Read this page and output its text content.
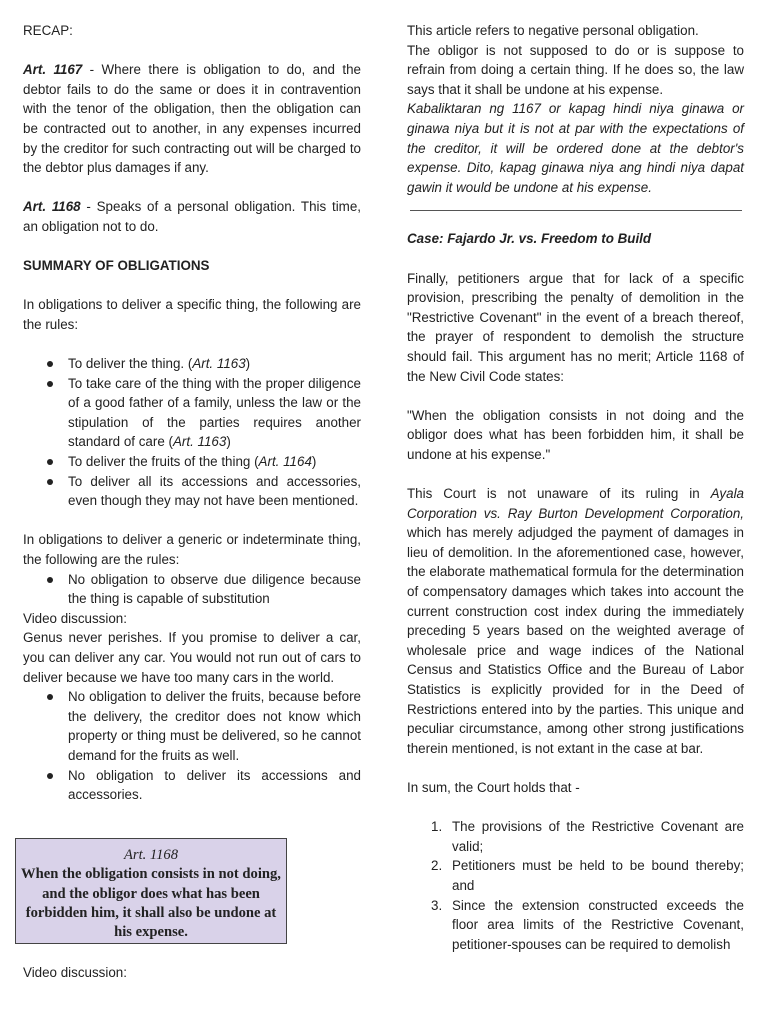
RECAP:

Art. 1167 - Where there is obligation to do, and the debtor fails to do the same or does it in contravention with the tenor of the obligation, then the obligation can be contracted out to another, in any expenses incurred by the creditor for such contracting out will be charged to the debtor plus damages if any.

Art. 1168 - Speaks of a personal obligation. This time, an obligation not to do.

SUMMARY OF OBLIGATIONS

In obligations to deliver a specific thing, the following are the rules:

To deliver the thing. (Art. 1163)
To take care of the thing with the proper diligence of a good father of a family, unless the law or the stipulation of the parties requires another standard of care (Art. 1163)
To deliver the fruits of the thing (Art. 1164)
To deliver all its accessions and accessories, even though they may not have been mentioned.

In obligations to deliver a generic or indeterminate thing, the following are the rules:

No obligation to observe due diligence because the thing is capable of substitution

Video discussion:

Genus never perishes. If you promise to deliver a car, you can deliver any car. You would not run out of cars to deliver because we have too many cars in the world.

No obligation to deliver the fruits, because before the delivery, the creditor does not know which property or thing must be delivered, so he cannot demand for the fruits as well.
No obligation to deliver its accessions and accessories.
Art. 1168
When the obligation consists in not doing, and the obligor does what has been forbidden him, it shall also be undone at his expense.

Video discussion:

This article refers to negative personal obligation.

The obligor is not supposed to do or is suppose to refrain from doing a certain thing. If he does so, the law says that it shall be undone at his expense.

Kabaliktaran ng 1167 or kapag hindi niya ginawa or ginawa niya but it is not at par with the expectations of the creditor, it will be ordered done at the debtor's expense. Dito, kapag ginawa niya ang hindi niya dapat gawin it would be undone at his expense.

Case: Fajardo Jr. vs. Freedom to Build

Finally, petitioners argue that for lack of a specific provision, prescribing the penalty of demolition in the "Restrictive Covenant" in the event of a breach thereof, the prayer of respondent to demolish the structure should fail. This argument has no merit; Article 1168 of the New Civil Code states:

"When the obligation consists in not doing and the obligor does what has been forbidden him, it shall be undone at his expense."

This Court is not unaware of its ruling in Ayala Corporation vs. Ray Burton Development Corporation, which has merely adjudged the payment of damages in lieu of demolition. In the aforementioned case, however, the elaborate mathematical formula for the determination of compensatory damages which takes into account the current construction cost index during the immediately preceding 5 years based on the weighted average of wholesale price and wage indices of the National Census and Statistics Office and the Bureau of Labor Statistics is explicitly provided for in the Deed of Restrictions entered into by the parties. This unique and peculiar circumstance, among other strong justifications therein mentioned, is not extant in the case at bar.

In sum, the Court holds that -

1. The provisions of the Restrictive Covenant are valid;
2. Petitioners must be held to be bound thereby; and
3. Since the extension constructed exceeds the floor area limits of the Restrictive Covenant, petitioner-spouses can be required to demolish
